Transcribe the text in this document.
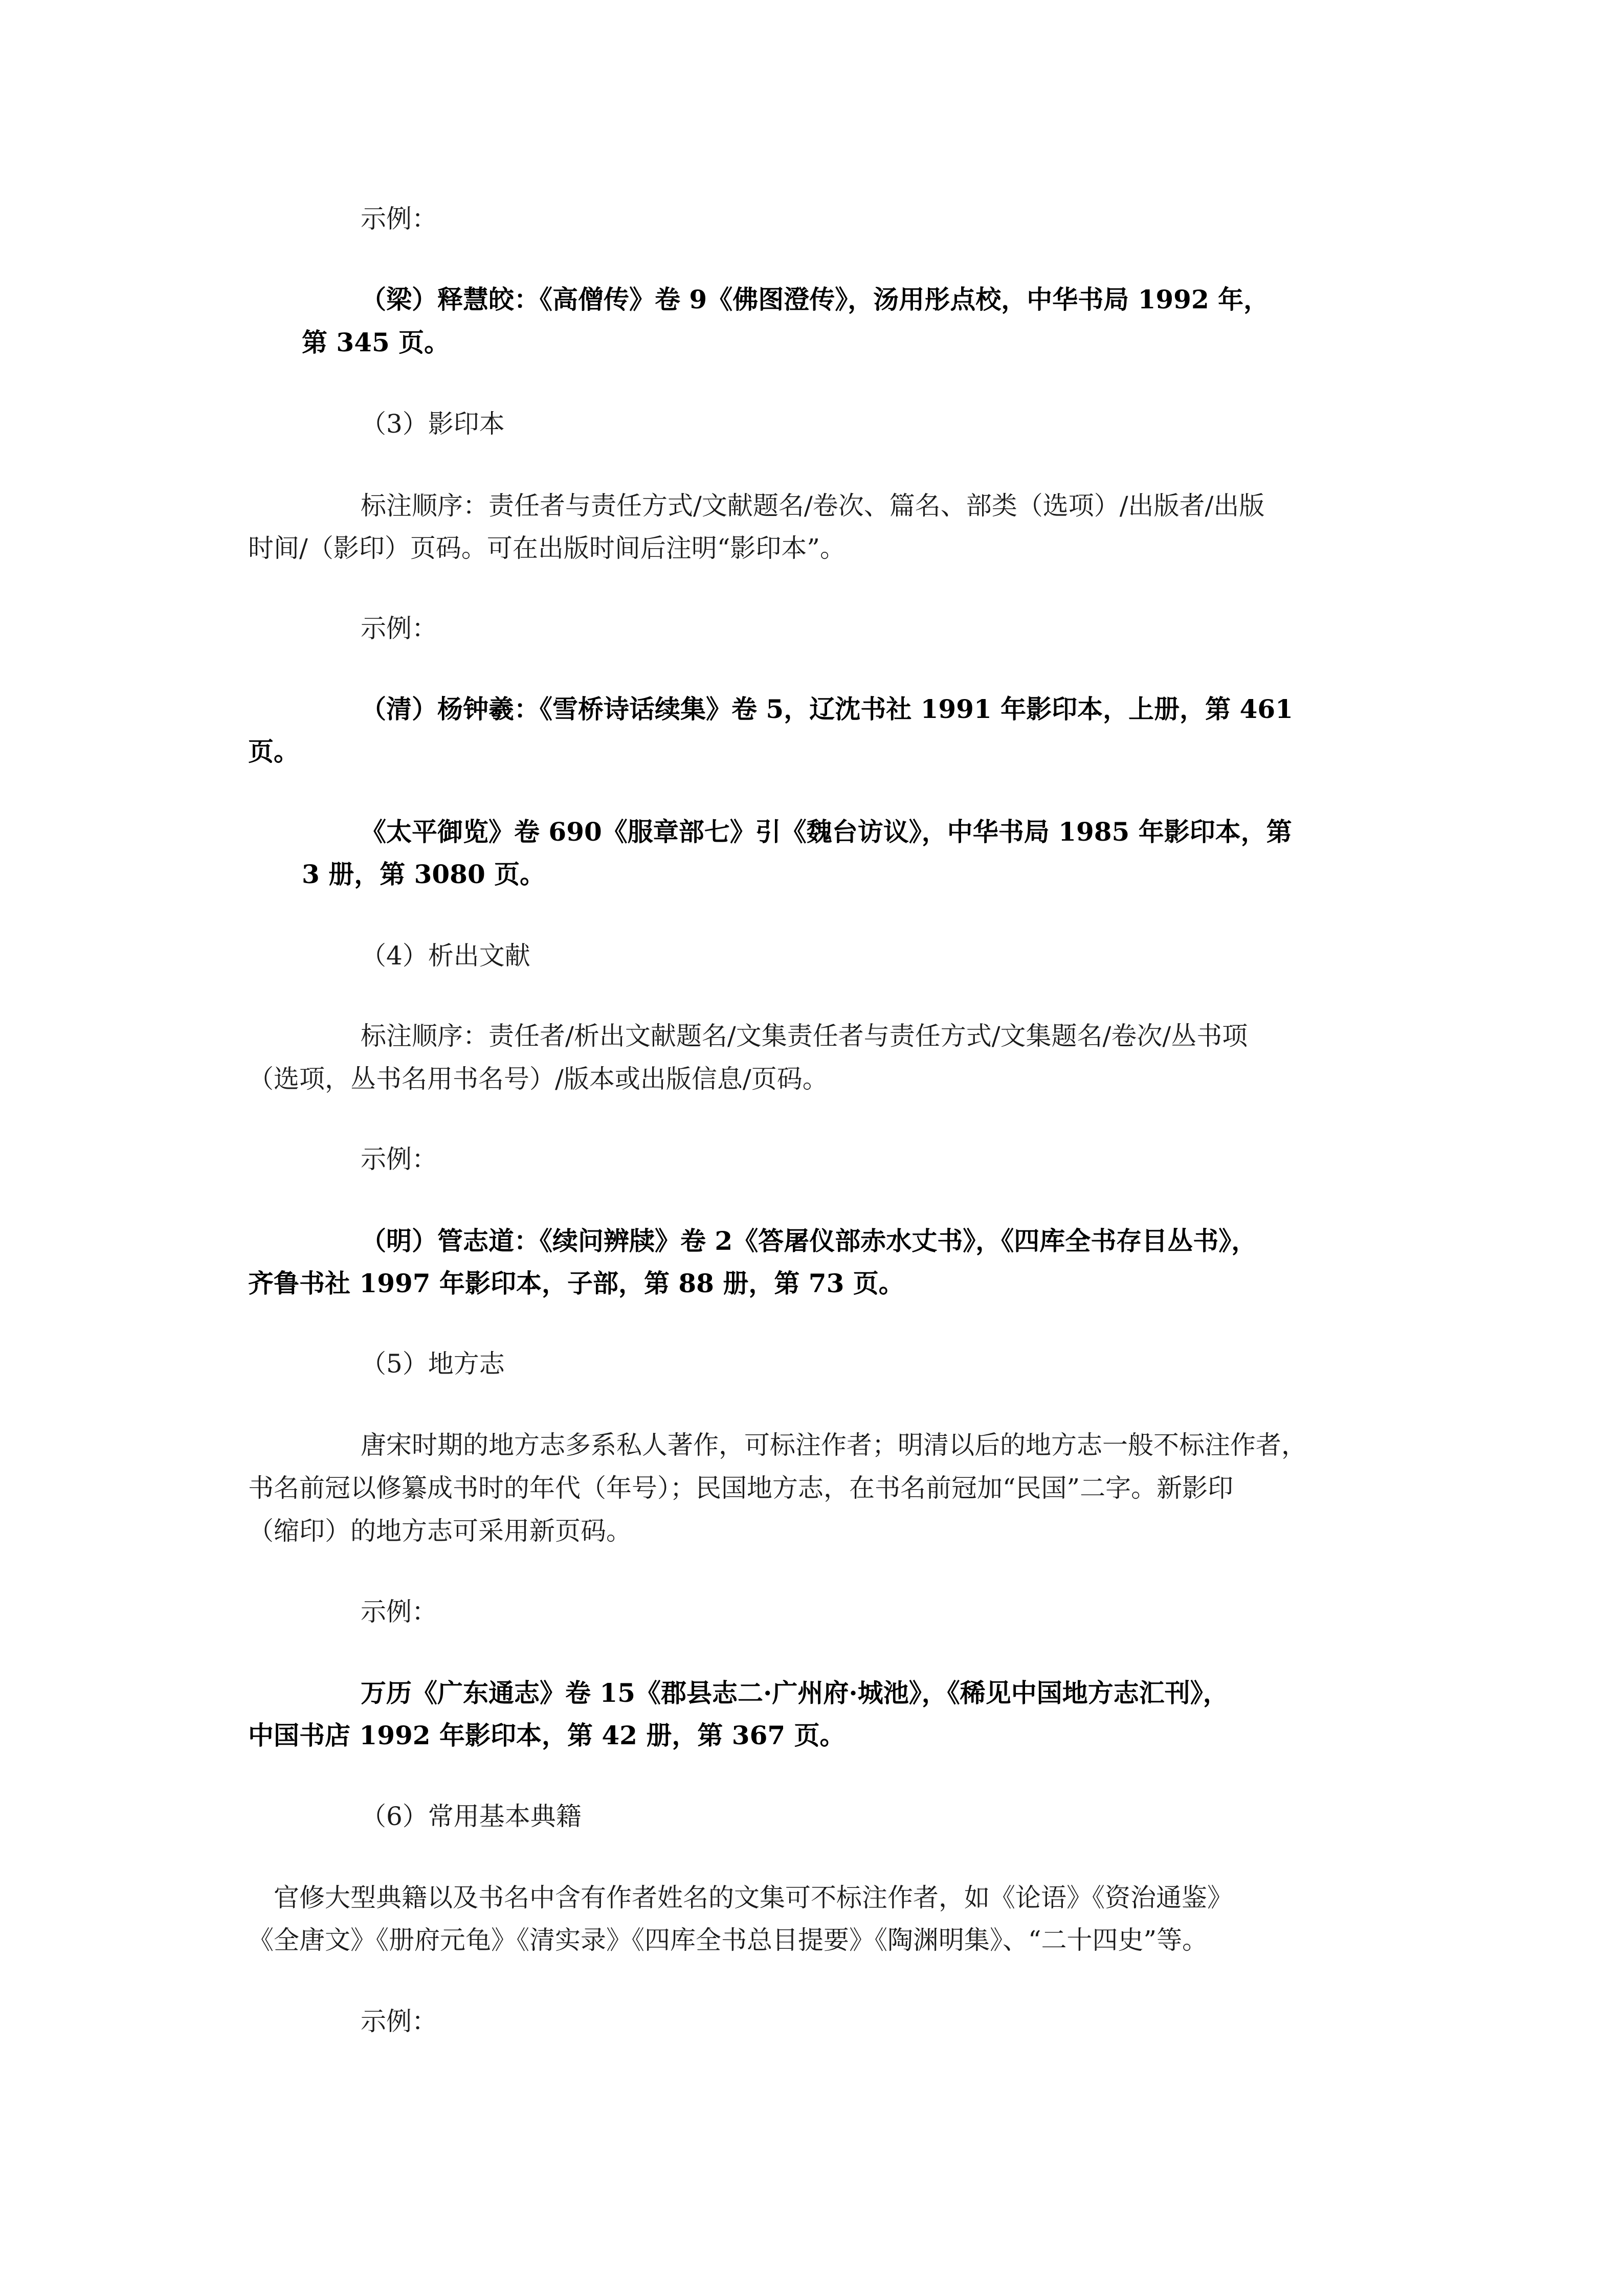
示例：
（梁）释慧皎：《高僧传》卷 9《佛图澄传》，汤用彤点校，中华书局 1992 年，
第 345 页。
（3）影印本
标注顺序：责任者与责任方式/文献题名/卷次、篇名、部类（选项）/出版者/出版
时间/（影印）页码。可在出版时间后注明“影印本”。
示例：
（清）杨钟羲：《雪桥诗话续集》卷 5，辽沈书社 1991 年影印本，上册，第 461
页。
《太平御览》卷 690《服章部七》引《魏台访议》，中华书局 1985 年影印本，第
3 册，第 3080 页。
（4）析出文献
标注顺序：责任者/析出文献题名/文集责任者与责任方式/文集题名/卷次/丛书项
（选项，丛书名用书名号）/版本或出版信息/页码。
示例：
（明）管志道：《续问辨牍》卷 2《答屠仪部赤水丈书》，《四库全书存目丛书》，
齐鲁书社 1997 年影印本，子部，第 88 册，第 73 页。
（5）地方志
唐宋时期的地方志多系私人著作，可标注作者；明清以后的地方志一般不标注作者，
书名前冠以修纂成书时的年代（年号）；民国地方志，在书名前冠加“民国”二字。新影印
（缩印）的地方志可采用新页码。
示例：
万历《广东通志》卷 15《郡县志二·广州府·城池》，《稀见中国地方志汇刊》，
中国书店 1992 年影印本，第 42 册，第 367 页。
（6）常用基本典籍
官修大型典籍以及书名中含有作者姓名的文集可不标注作者，如《论语》《资治通鉴》
《全唐文》《册府元龟》《清实录》《四库全书总目提要》《陶渊明集》、“二十四史”等。
示例：
